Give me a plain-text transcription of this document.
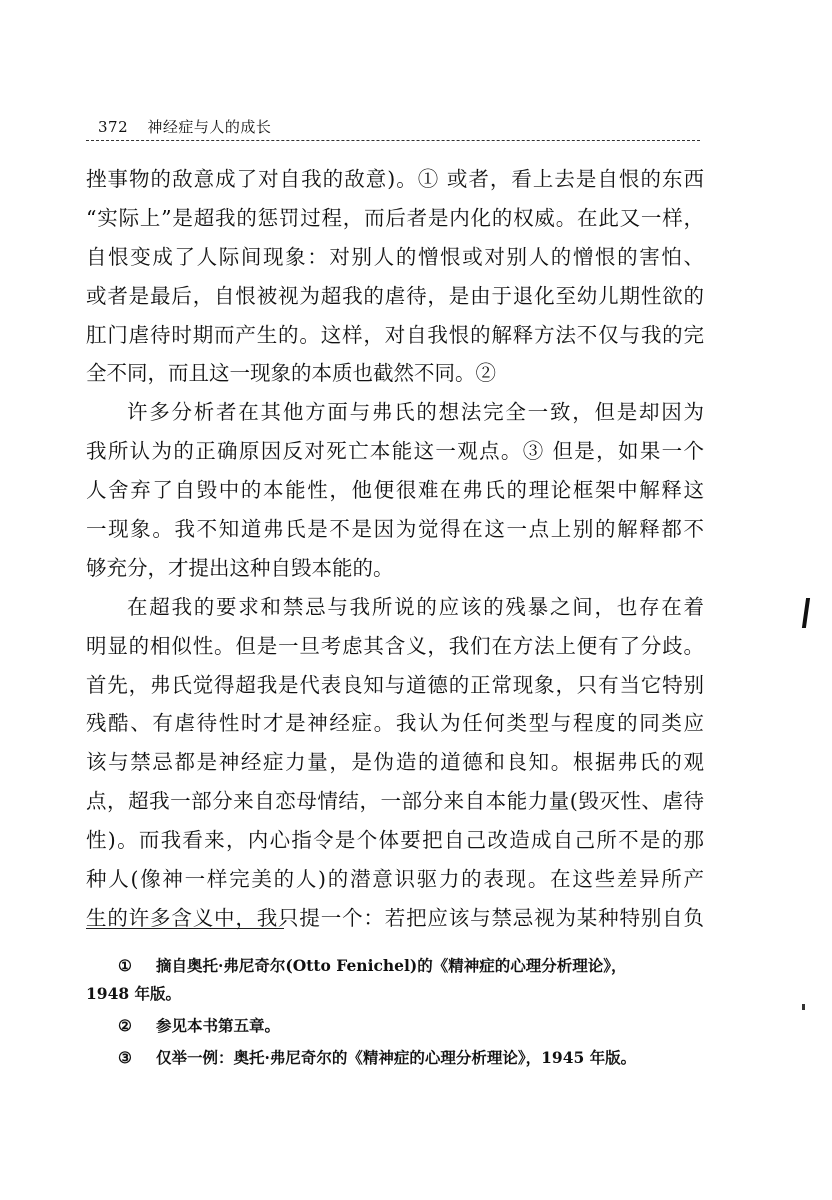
372 神经症与人的成长
挫事物的敌意成了对自我的敌意)。① 或者，看上去是自恨的东西
“实际上”是超我的惩罚过程，而后者是内化的权威。在此又一样，
自恨变成了人际间现象：对别人的憎恨或对别人的憎恨的害怕、
或者是最后，自恨被视为超我的虐待，是由于退化至幼儿期性欲的
肛门虐待时期而产生的。这样，对自我恨的解释方法不仅与我的完
全不同，而且这一现象的本质也截然不同。②
许多分析者在其他方面与弗氏的想法完全一致，但是却因为
我所认为的正确原因反对死亡本能这一观点。③ 但是，如果一个
人舍弃了自毁中的本能性，他便很难在弗氏的理论框架中解释这
一现象。我不知道弗氏是不是因为觉得在这一点上别的解释都不
够充分，才提出这种自毁本能的。
在超我的要求和禁忌与我所说的应该的残暴之间，也存在着
明显的相似性。但是一旦考虑其含义，我们在方法上便有了分歧。
首先，弗氏觉得超我是代表良知与道德的正常现象，只有当它特别
残酷、有虐待性时才是神经症。我认为任何类型与程度的同类应
该与禁忌都是神经症力量，是伪造的道德和良知。根据弗氏的观
点，超我一部分来自恋母情结，一部分来自本能力量(毁灭性、虐待
性)。而我看来，内心指令是个体要把自己改造成自己所不是的那
种人(像神一样完美的人)的潜意识驱力的表现。在这些差异所产
生的许多含义中，我只提一个：若把应该与禁忌视为某种特别自负
① 摘自奥托·弗尼奇尔(Otto Fenichel)的《精神症的心理分析理论》，
1948 年版。
② 参见本书第五章。
③ 仅举一例：奥托·弗尼奇尔的《精神症的心理分析理论》，1945 年版。
